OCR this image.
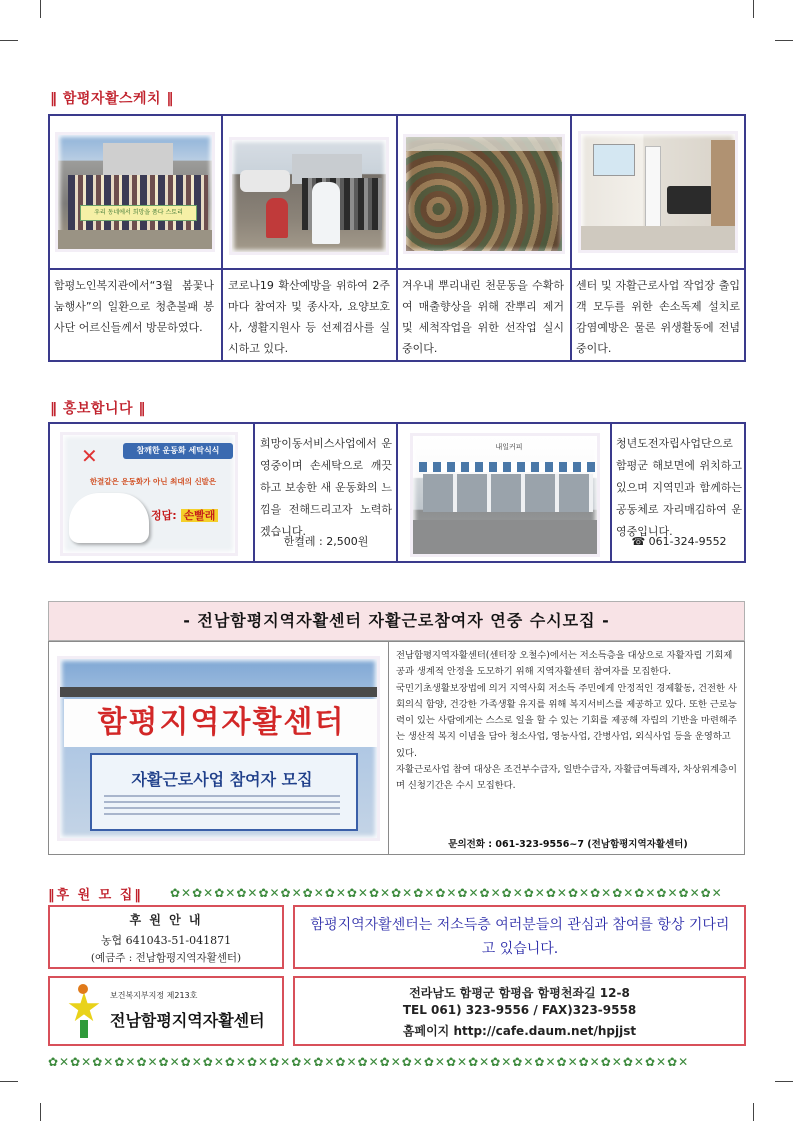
‖ 함평자활스케치 ‖
우리 동네에서 희망을 품다 스토리
함평노인복지관에서“3월 봄꽃나눔행사”의 일환으로 청춘불패 봉사단 어르신들께서 방문하였다.
코로나19 확산예방을 위하여 2주마다 참여자 및 종사자, 요양보호사, 생활지원사 등 선제검사를 실시하고 있다.
겨우내 뿌리내린 천문동을 수확하여 매출향상을 위해 잔뿌리 제거 및 세척작업을 위한 선작업 실시중이다.
센터 및 자활근로사업 작업장 출입객 모두를 위한 손소독제 설치로 감염예방은 물론 위생활동에 전념중이다.
‖ 홍보합니다 ‖
참깨한 운동화 세탁식식
한결같은 운동화가 아닌 최대의 신발은
정답: 손빨래
✕
희망이동서비스사업에서 운영중이며 손세탁으로 깨끗하고 보송한 새 운동화의 느낌을 전해드리고자 노력하겠습니다.
한켤레 : 2,500원
내일커피	청년도전자립사업단으로 함평군 해보면에 위치하고 있으며 지역민과 함께하는 공동체로 자리매김하여 운영중입니다.
☎ 061-324-9552
- 전남함평지역자활센터 자활근로참여자 연중 수시모집 -
함평지역자활센터
자활근로사업 참여자 모집
전남함평지역자활센터(센터장 오철수)에서는 저소득층을 대상으로 자활자립 기회제공과 생계적 안정을 도모하기 위해 지역자활센터 참여자를 모집한다.
국민기초생활보장법에 의거 지역사회 저소득 주민에게 안정적인 경제활동, 건전한 사회의식 함양, 건강한 가족생활 유지를 위해 복지서비스를 제공하고 있다. 또한 근로능력이 있는 사람에게는 스스로 일을 할 수 있는 기회를 제공해 자립의 기반을 마련해주는 생산적 복지 이념을 담아 청소사업, 영농사업, 간병사업, 외식사업 등을 운영하고 있다.
자활근로사업 참여 대상은 조건부수급자, 일반수급자, 자활급여특례자, 차상위계층이며 신청기간은 수시 모집한다.
문의전화 : 061-323-9556~7 (전남함평지역자활센터)
‖후 원 모 집‖ ✿✕✿✕✿✕✿✕✿✕✿✕✿✕✿✕✿✕✿✕✿✕✿✕✿✕✿✕✿✕✿✕✿✕✿✕✿✕✿✕✿✕✿✕✿✕✿✕✿✕
후 원 안 내
농협 641043-51-041871
(예금주 : 전남함평지역자활센터)
함평지역자활센터는 저소득층 여러분들의 관심과 참여를 항상 기다리고 있습니다.
보건복지부지정 제213호
전남함평지역자활센터
전라남도 함평군 함평읍 함평천좌길 12-8
TEL 061) 323-9556 / FAX)323-9558
홈페이지 http://cafe.daum.net/hpjjst
✿✕✿✕✿✕✿✕✿✕✿✕✿✕✿✕✿✕✿✕✿✕✿✕✿✕✿✕✿✕✿✕✿✕✿✕✿✕✿✕✿✕✿✕✿✕✿✕✿✕✿✕✿✕✿✕✿✕
